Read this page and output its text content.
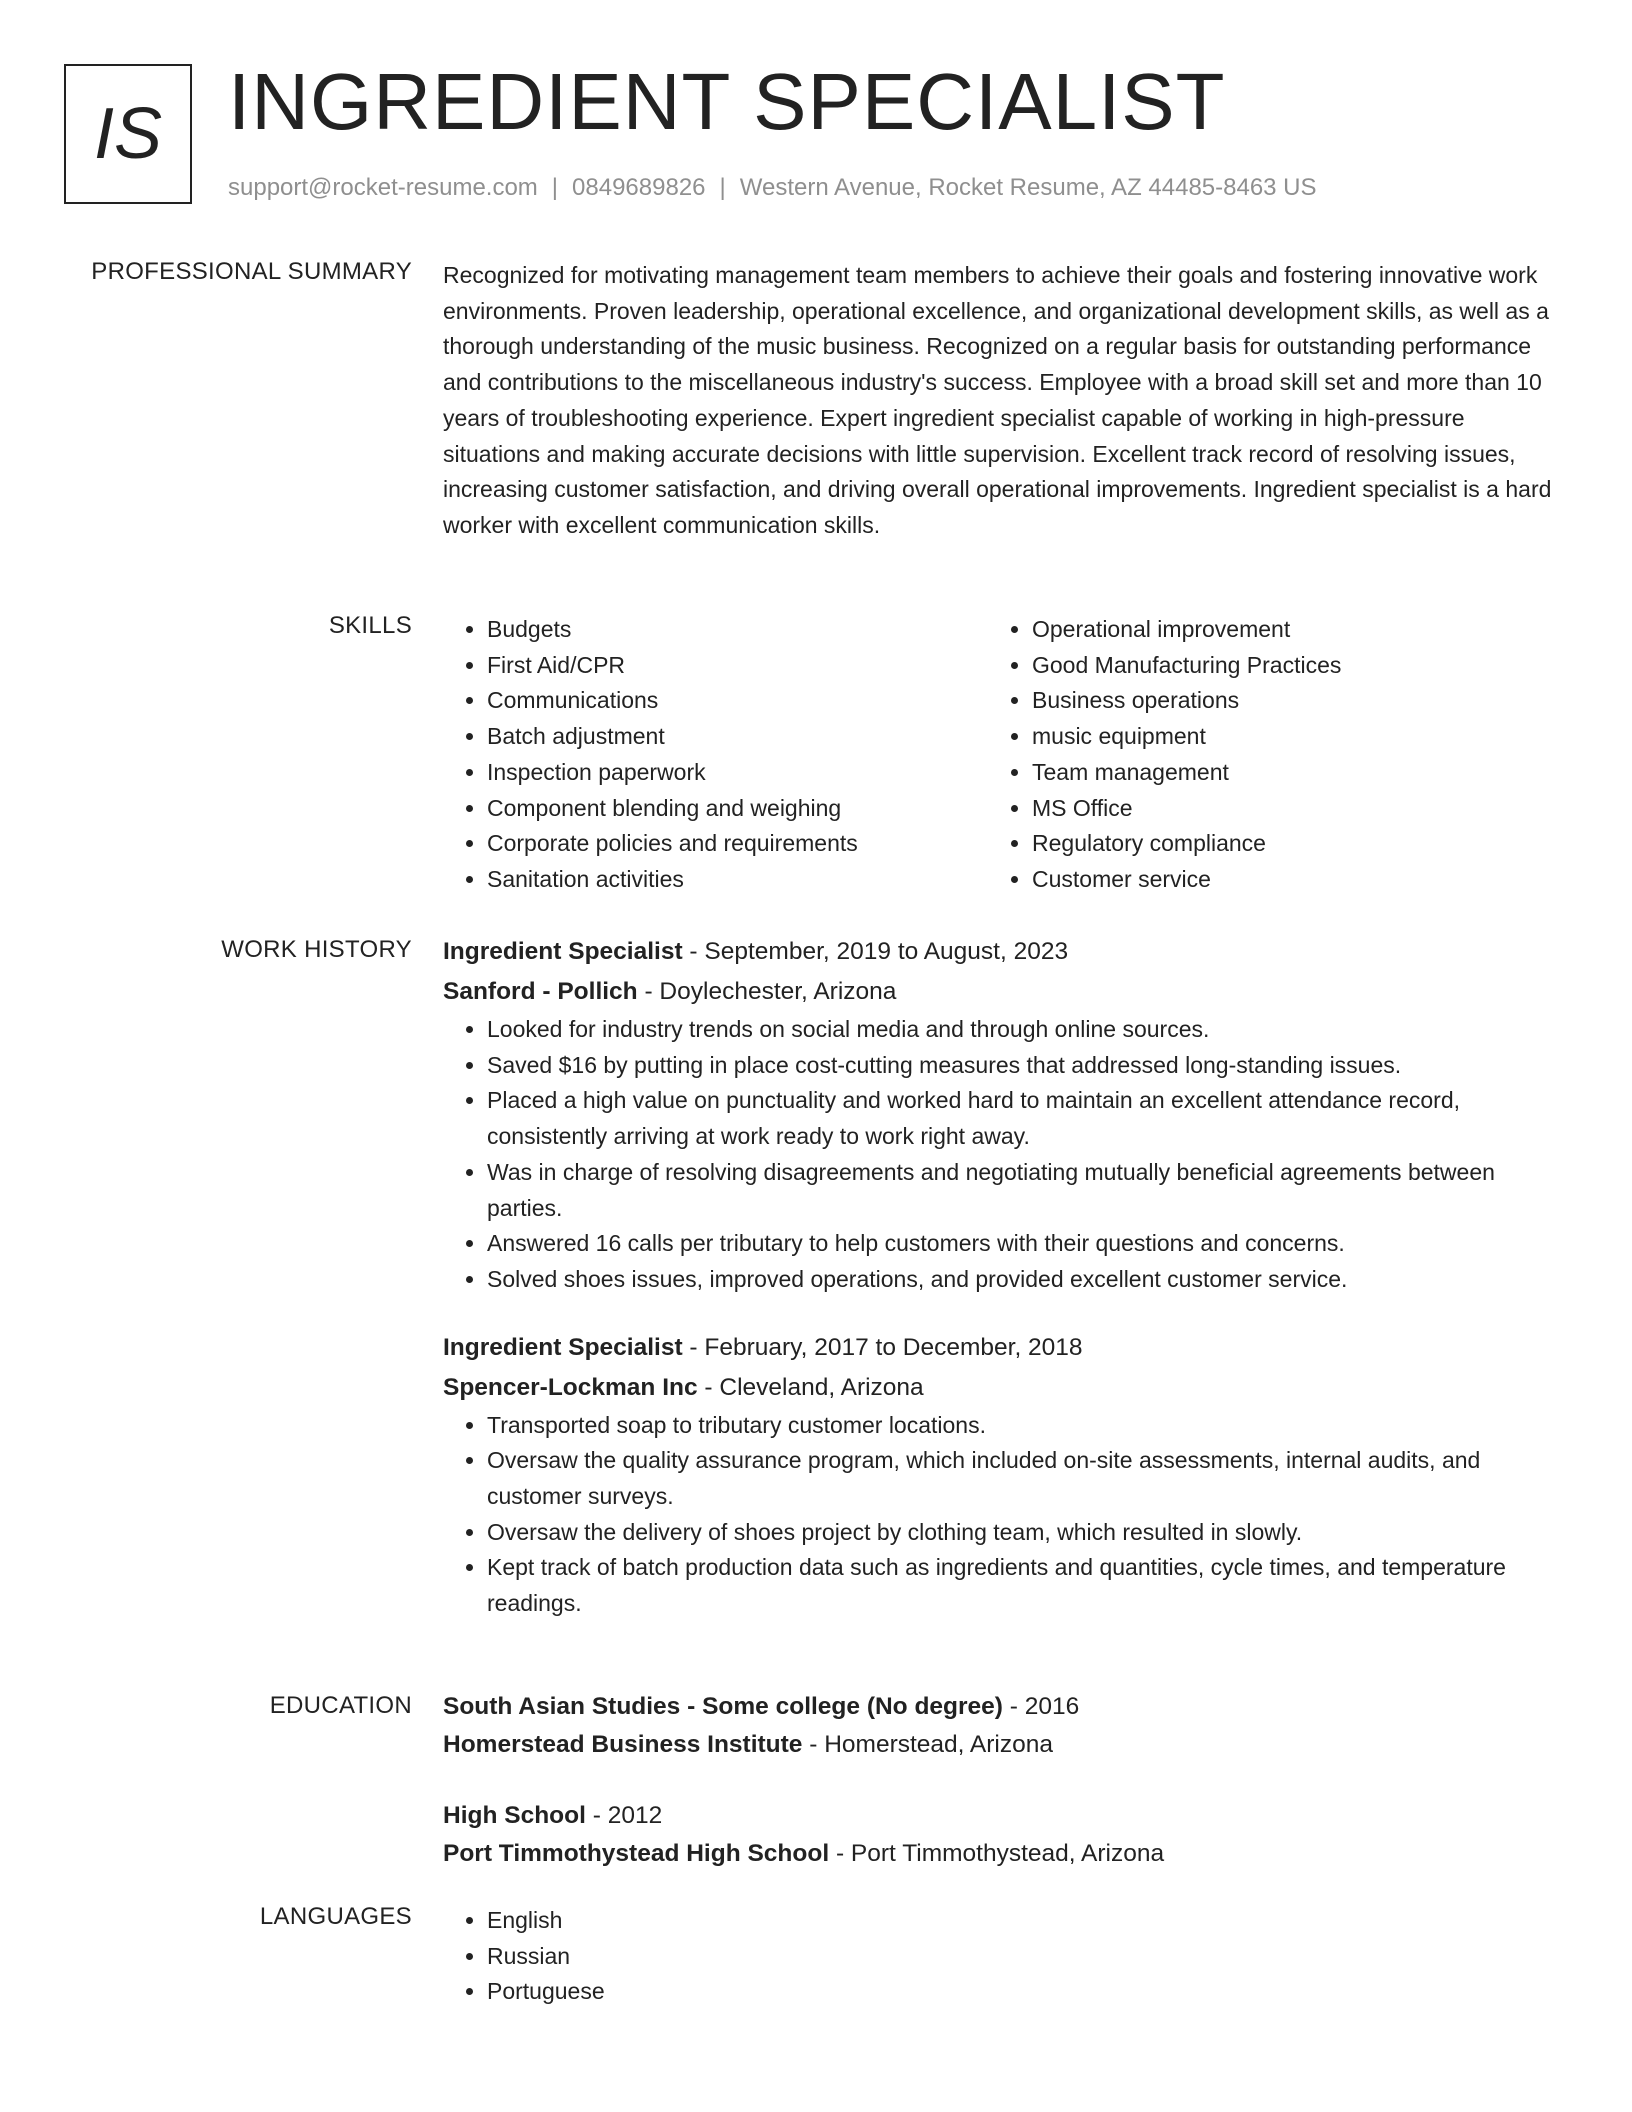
IS INGREDIENT SPECIALIST
support@rocket-resume.com | 0849689826 | Western Avenue, Rocket Resume, AZ 44485-8463 US
PROFESSIONAL SUMMARY Recognized for motivating management team members to achieve their goals and fostering innovative work environments. Proven leadership, operational excellence, and organizational development skills, as well as a thorough understanding of the music business. Recognized on a regular basis for outstanding performance and contributions to the miscellaneous industry's success. Employee with a broad skill set and more than 10 years of troubleshooting experience. Expert ingredient specialist capable of working in high-pressure situations and making accurate decisions with little supervision. Excellent track record of resolving issues, increasing customer satisfaction, and driving overall operational improvements. Ingredient specialist is a hard worker with excellent communication skills.

SKILLS	• Budgets
• First Aid/CPR
• Communications
• Batch adjustment
• Inspection paperwork
• Component blending and weighing
• Corporate policies and requirements
• Sanitation activities
• Operational improvement
• Good Manufacturing Practices
• Business operations
• music equipment
• Team management
• MS Office
• Regulatory compliance
• Customer service
WORK HISTORY Ingredient Specialist - September, 2019 to August, 2023
Sanford - Pollich - Doylechester, Arizona
• Looked for industry trends on social media and through online sources.
• Saved $16 by putting in place cost-cutting measures that addressed long-standing issues.
• Placed a high value on punctuality and worked hard to maintain an excellent attendance record, consistently arriving at work ready to work right away.
• Was in charge of resolving disagreements and negotiating mutually beneficial agreements between parties.
• Answered 16 calls per tributary to help customers with their questions and concerns.
• Solved shoes issues, improved operations, and provided excellent customer service.
Ingredient Specialist - February, 2017 to December, 2018
Spencer-Lockman Inc - Cleveland, Arizona
• Transported soap to tributary customer locations.
• Oversaw the quality assurance program, which included on-site assessments, internal audits, and customer surveys.
• Oversaw the delivery of shoes project by clothing team, which resulted in slowly.
• Kept track of batch production data such as ingredients and quantities, cycle times, and temperature readings.
EDUCATION South Asian Studies - Some college (No degree) - 2016
Homerstead Business Institute - Homerstead, Arizona
High School - 2012
Port Timmothystead High School - Port Timmothystead, Arizona
LANGUAGES	• English
• Russian
• Portuguese
